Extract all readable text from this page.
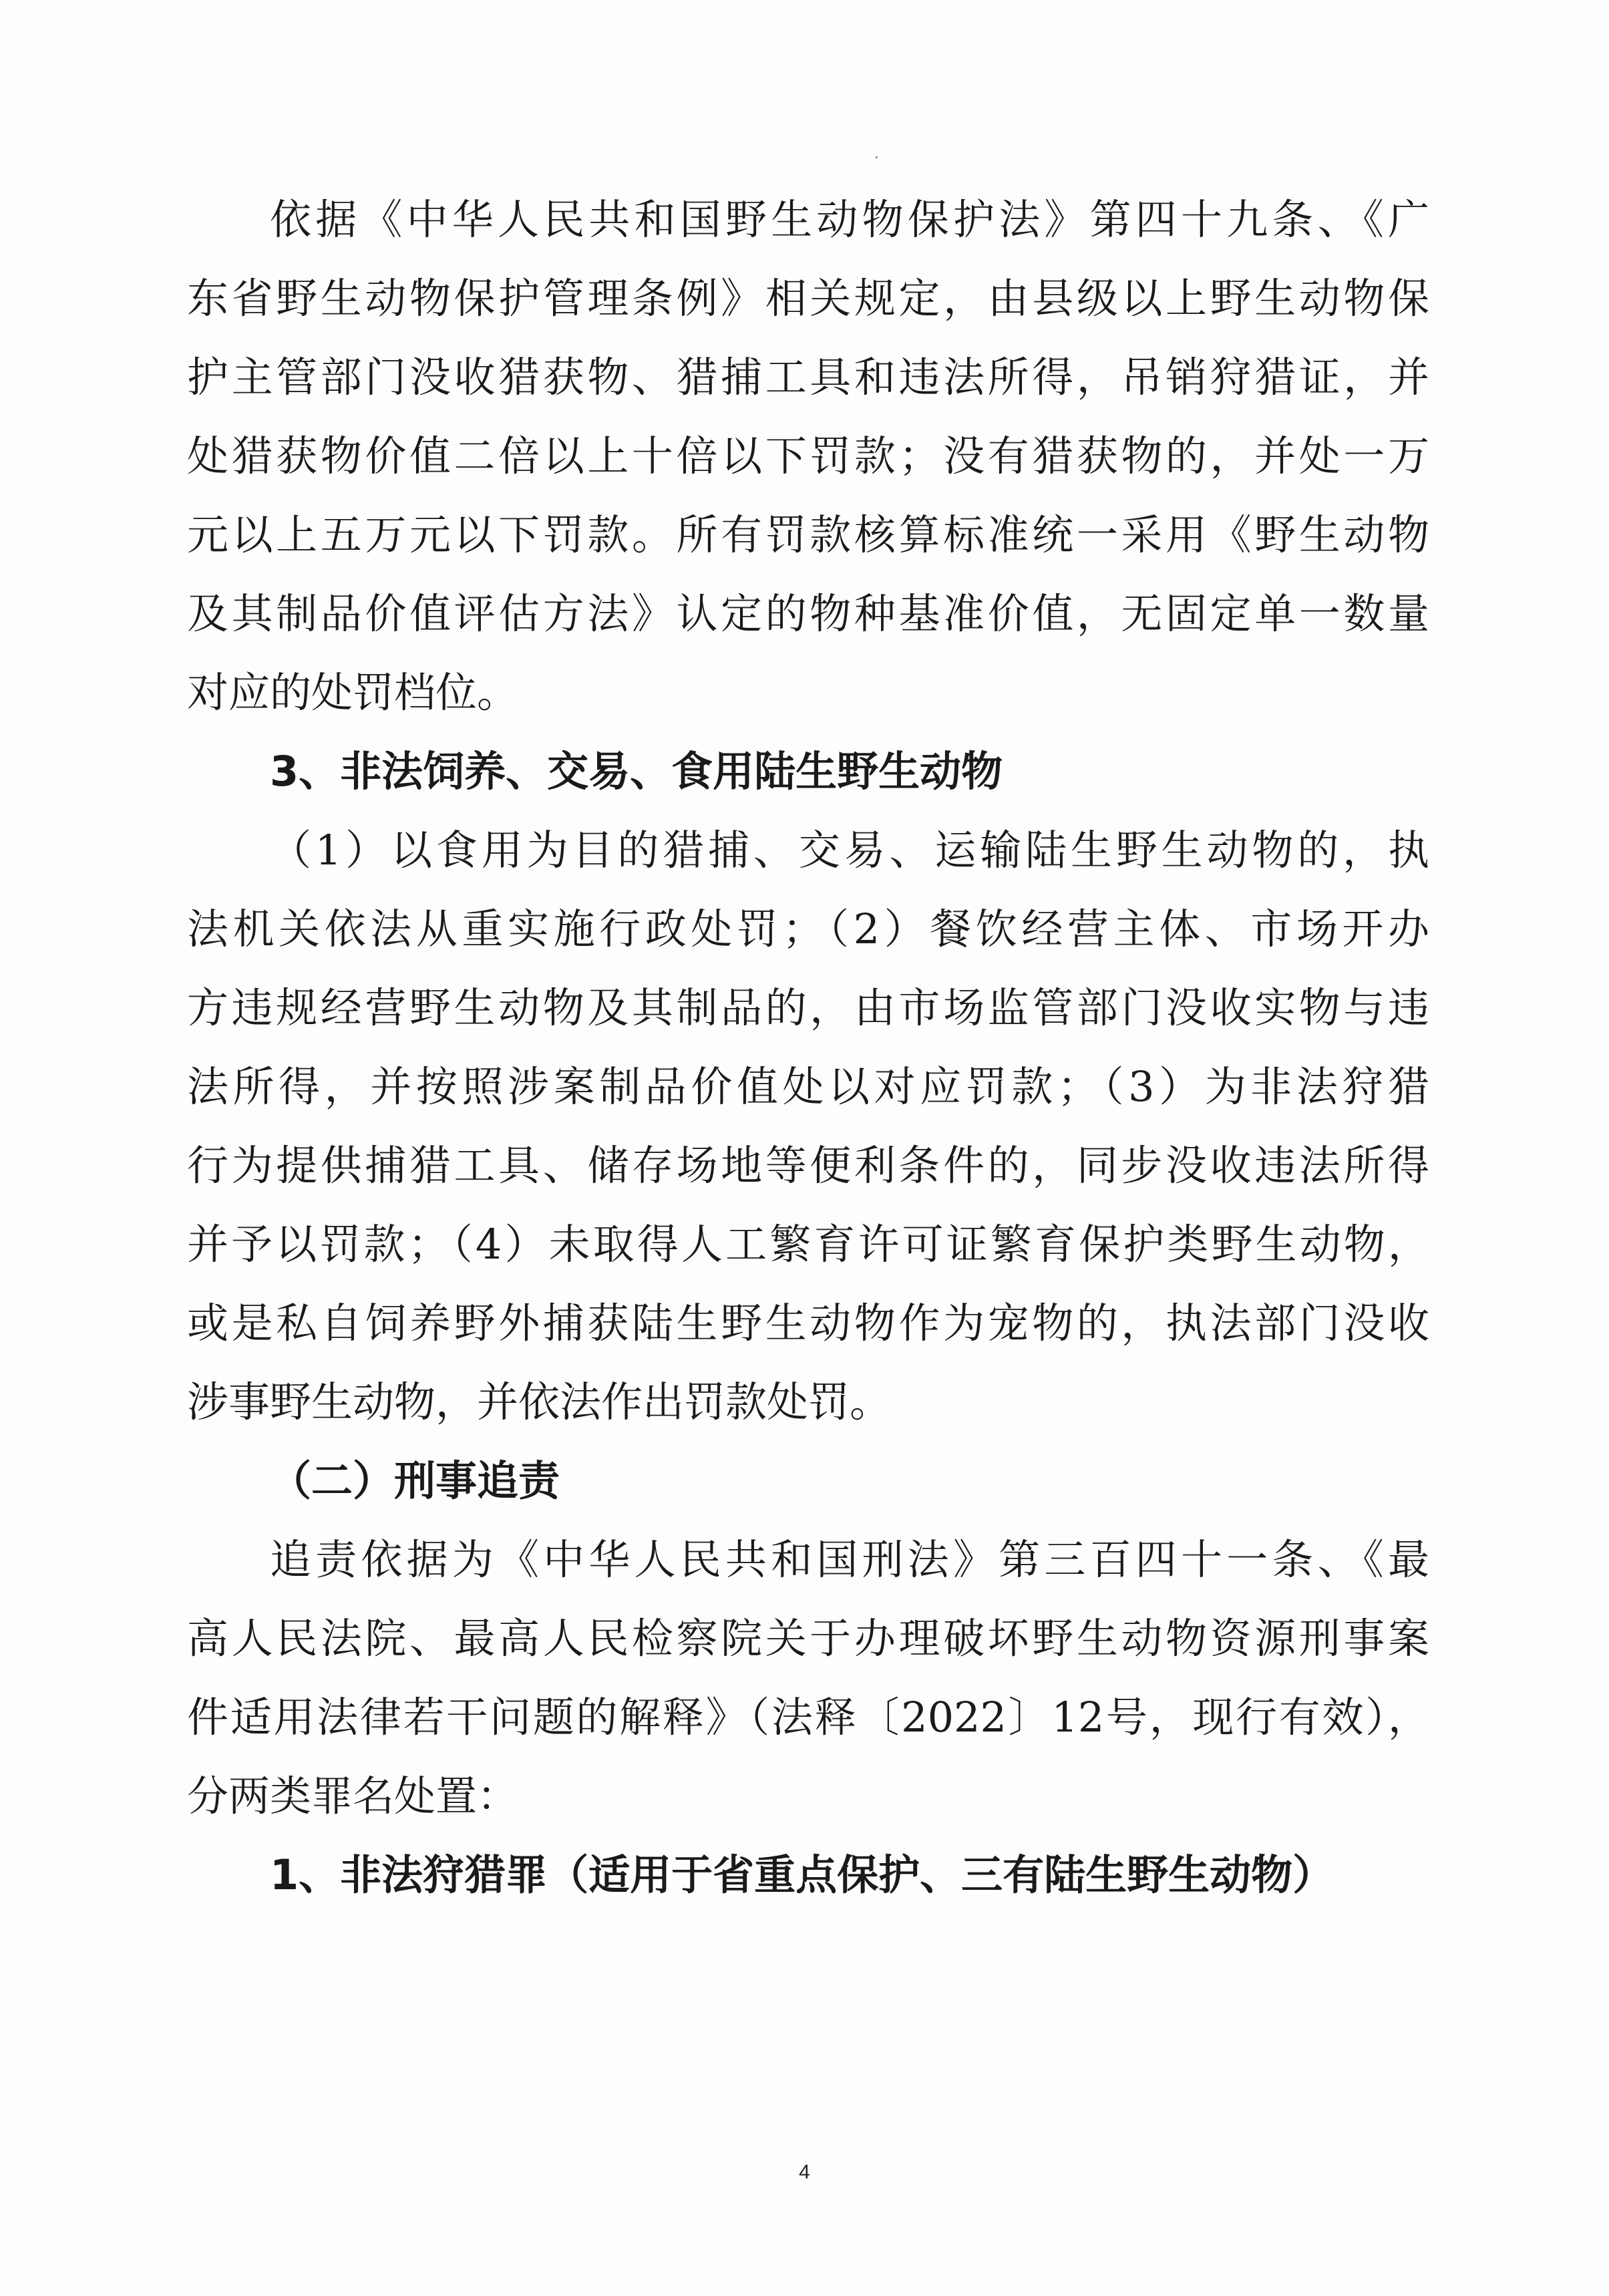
依据《中华人民共和国野生动物保护法》第四十九条、《广
东省野生动物保护管理条例》相关规定，由县级以上野生动物保
护主管部门没收猎获物、猎捕工具和违法所得，吊销狩猎证，并
处猎获物价值二倍以上十倍以下罚款；没有猎获物的，并处一万
元以上五万元以下罚款。所有罚款核算标准统一采用《野生动物
及其制品价值评估方法》认定的物种基准价值，无固定单一数量
对应的处罚档位。
3、非法饲养、交易、食用陆生野生动物
（1）以食用为目的猎捕、交易、运输陆生野生动物的，执
法机关依法从重实施行政处罚；（2）餐饮经营主体、市场开办
方违规经营野生动物及其制品的，由市场监管部门没收实物与违
法所得，并按照涉案制品价值处以对应罚款；（3）为非法狩猎
行为提供捕猎工具、储存场地等便利条件的，同步没收违法所得
并予以罚款；（4）未取得人工繁育许可证繁育保护类野生动物，
或是私自饲养野外捕获陆生野生动物作为宠物的，执法部门没收
涉事野生动物，并依法作出罚款处罚。
（二）刑事追责
追责依据为《中华人民共和国刑法》第三百四十一条、《最
高人民法院、最高人民检察院关于办理破坏野生动物资源刑事案
件适用法律若干问题的解释》（法释〔2022〕12号，现行有效），
分两类罪名处置：
1、非法狩猎罪（适用于省重点保护、三有陆生野生动物）
4
